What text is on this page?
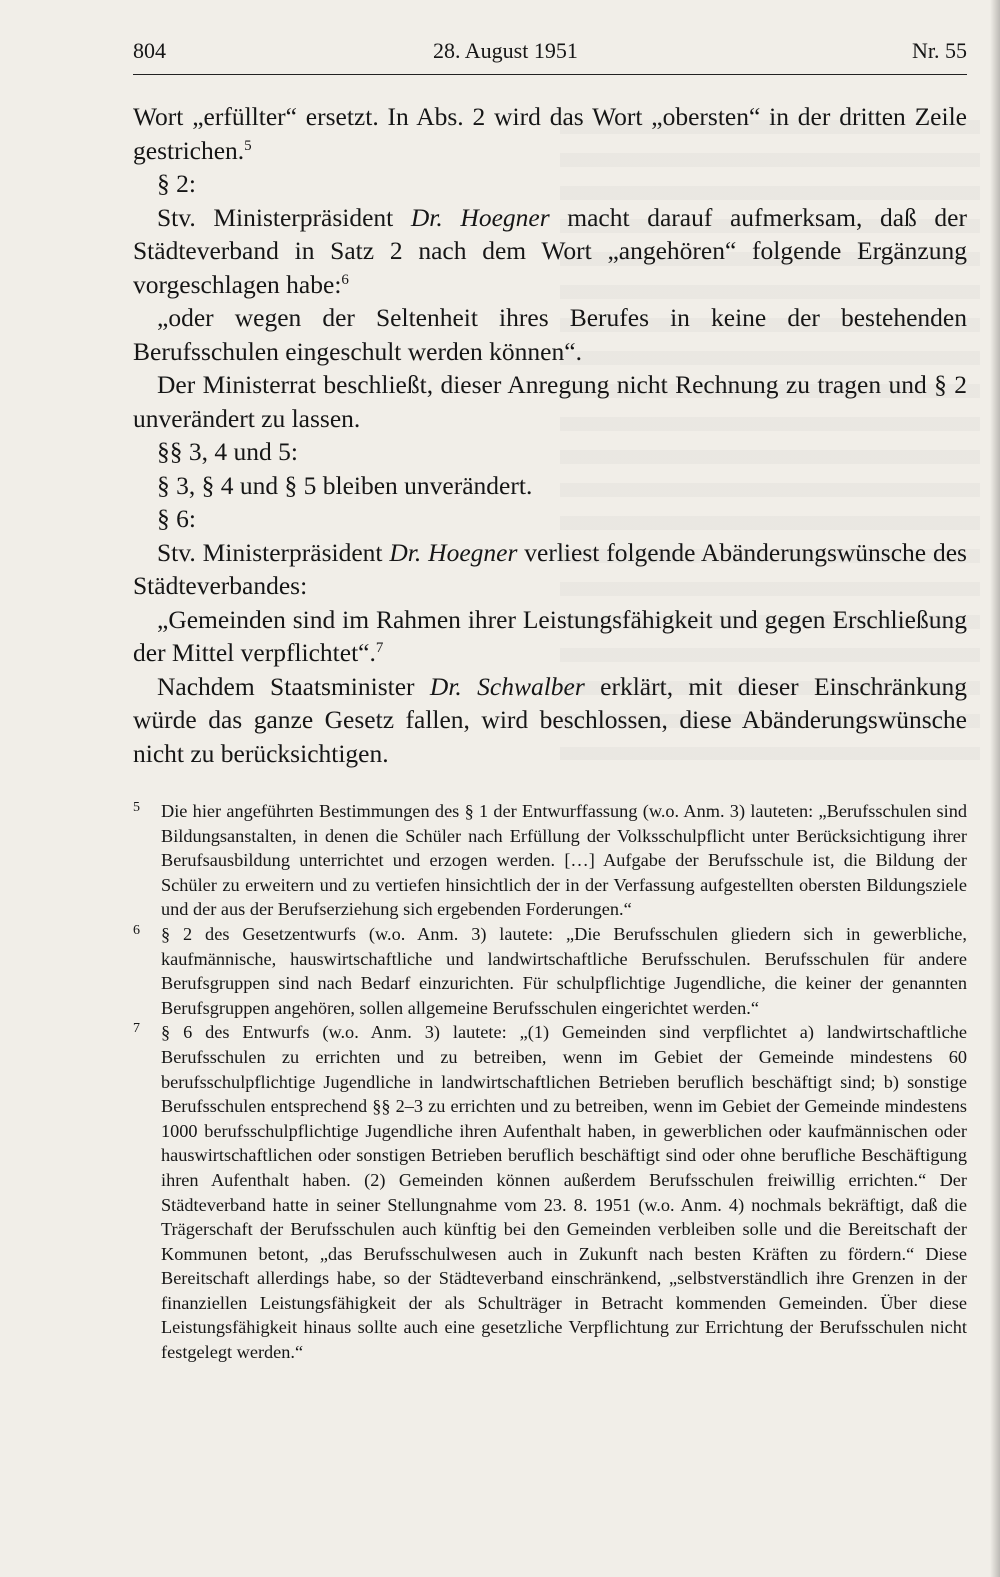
804	28. August 1951	Nr. 55

Wort „erfüllter“ ersetzt. In Abs. 2 wird das Wort „obersten“ in der dritten Zeile gestrichen.$^5$

§ 2:

Stv. Ministerpräsident Dr. Hoegner macht darauf aufmerksam, daß der Städteverband in Satz 2 nach dem Wort „angehören“ folgende Ergänzung vorgeschlagen habe:$^6$

„oder wegen der Seltenheit ihres Berufes in keine der bestehenden Berufsschulen eingeschult werden können“.

Der Ministerrat beschließt, dieser Anregung nicht Rechnung zu tragen und § 2 unverändert zu lassen.

§§ 3, 4 und 5:

§ 3, § 4 und § 5 bleiben unverändert.

§ 6:

Stv. Ministerpräsident Dr. Hoegner verliest folgende Abänderungswünsche des Städteverbandes:

„Gemeinden sind im Rahmen ihrer Leistungsfähigkeit und gegen Erschließung der Mittel verpflichtet“.$^7$

Nachdem Staatsminister Dr. Schwalber erklärt, mit dieser Einschränkung würde das ganze Gesetz fallen, wird beschlossen, diese Abänderungswünsche nicht zu berücksichtigen.

5 Die hier angeführten Bestimmungen des § 1 der Entwurffassung (w.o. Anm. 3) lauteten: „Berufsschulen sind Bildungsanstalten, in denen die Schüler nach Erfüllung der Volksschulpflicht unter Berücksichtigung ihrer Berufsausbildung unterrichtet und erzogen werden. […] Aufgabe der Berufsschule ist, die Bildung der Schüler zu erweitern und zu vertiefen hinsichtlich der in der Verfassung aufgestellten obersten Bildungsziele und der aus der Berufserziehung sich ergebenden Forderungen.“

6 § 2 des Gesetzentwurfs (w.o. Anm. 3) lautete: „Die Berufsschulen gliedern sich in gewerbliche, kaufmännische, hauswirtschaftliche und landwirtschaftliche Berufsschulen. Berufsschulen für andere Berufsgruppen sind nach Bedarf einzurichten. Für schulpflichtige Jugendliche, die keiner der genannten Berufsgruppen angehören, sollen allgemeine Berufsschulen eingerichtet werden.“

7 § 6 des Entwurfs (w.o. Anm. 3) lautete: „(1) Gemeinden sind verpflichtet a) landwirtschaftliche Berufsschulen zu errichten und zu betreiben, wenn im Gebiet der Gemeinde mindestens 60 berufsschulpflichtige Jugendliche in landwirtschaftlichen Betrieben beruflich beschäftigt sind; b) sonstige Berufsschulen entsprechend §§ 2–3 zu errichten und zu betreiben, wenn im Gebiet der Gemeinde mindestens 1000 berufsschulpflichtige Jugendliche ihren Aufenthalt haben, in gewerblichen oder kaufmännischen oder hauswirtschaftlichen oder sonstigen Betrieben beruflich beschäftigt sind oder ohne berufliche Beschäftigung ihren Aufenthalt haben. (2) Gemeinden können außerdem Berufsschulen freiwillig errichten.“ Der Städteverband hatte in seiner Stellungnahme vom 23. 8. 1951 (w.o. Anm. 4) nochmals bekräftigt, daß die Trägerschaft der Berufsschulen auch künftig bei den Gemeinden verbleiben solle und die Bereitschaft der Kommunen betont, „das Berufsschulwesen auch in Zukunft nach besten Kräften zu fördern.“ Diese Bereitschaft allerdings habe, so der Städteverband einschränkend, „selbstverständlich ihre Grenzen in der finanziellen Leistungsfähigkeit der als Schulträger in Betracht kommenden Gemeinden. Über diese Leistungsfähigkeit hinaus sollte auch eine gesetzliche Verpflichtung zur Errichtung der Berufsschulen nicht festgelegt werden.“
